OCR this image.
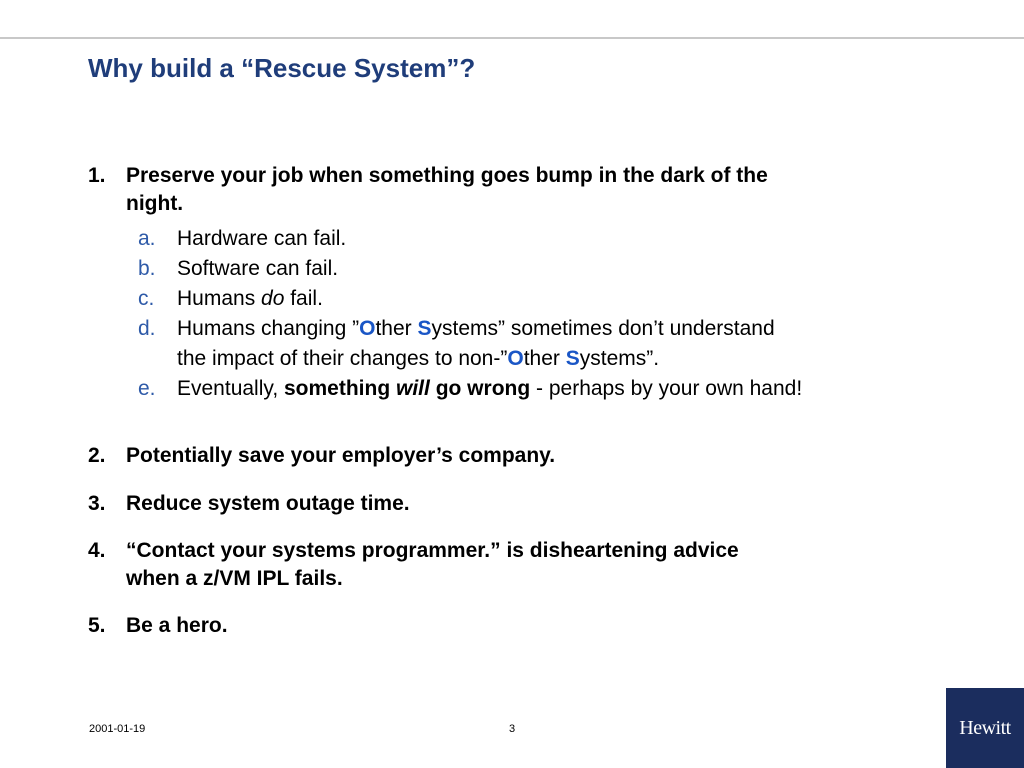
Why build a “Rescue System”?
1. Preserve your job when something goes bump in the dark of the
night.
a. Hardware can fail.
b. Software can fail.
c. Humans do fail.
d. Humans changing ”Other Systems” sometimes don’t understand
the impact of their changes to non-”Other Systems”.
e. Eventually, something will go wrong - perhaps by your own hand!
2. Potentially save your employer’s company.
3. Reduce system outage time.
4. “Contact your systems programmer.” is disheartening advice
when a z/VM IPL fails.
5. Be a hero.
2001-01-19	3	Hewitt
